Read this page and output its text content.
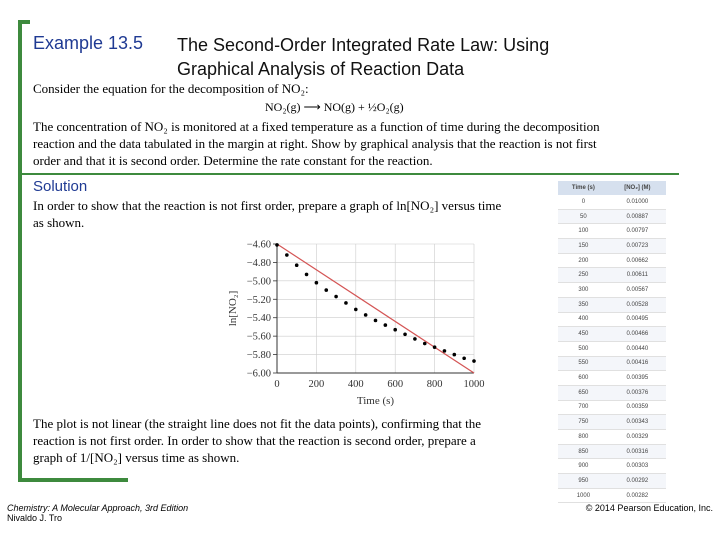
Example 13.5 The Second-Order Integrated Rate Law: Using
Graphical Analysis of Reaction Data
Consider the equation for the decomposition of NO₂:
NO₂(g) ⟶ NO(g) + ½O₂(g)
The concentration of NO₂ is monitored at a fixed temperature as a function of time during the decomposition
reaction and the data tabulated in the margin at right. Show by graphical analysis that the reaction is not first
order and that it is second order. Determine the rate constant for the reaction.
Solution
In order to show that the reaction is not first order, prepare a graph of ln[NO₂] versus time
as shown.
−4.60
−4.80
−5.00
−5.20
−5.40
−5.60
−5.80
−6.00
0	200 400 600 800 1000
Time (s)
ln[NO₂]
The plot is not linear (the straight line does not fit the data points), confirming that the
reaction is not first order. In order to show that the reaction is second order, prepare a
graph of 1/[NO₂] versus time as shown.
Time (s)	[NO₂] (M)
0	0.01000
50	0.00887
100	0.00797
150	0.00723
200	0.00662
250	0.00611
300	0.00567
350	0.00528
400	0.00495
450	0.00466
500	0.00440
550	0.00416
600	0.00395
650	0.00376
700	0.00359
750	0.00343
800	0.00329
850	0.00316
900	0.00303
950	0.00292
1000	0.00282
Chemistry: A Molecular Approach, 3rd Edition
Nivaldo J. Tro
© 2014 Pearson Education, Inc.
